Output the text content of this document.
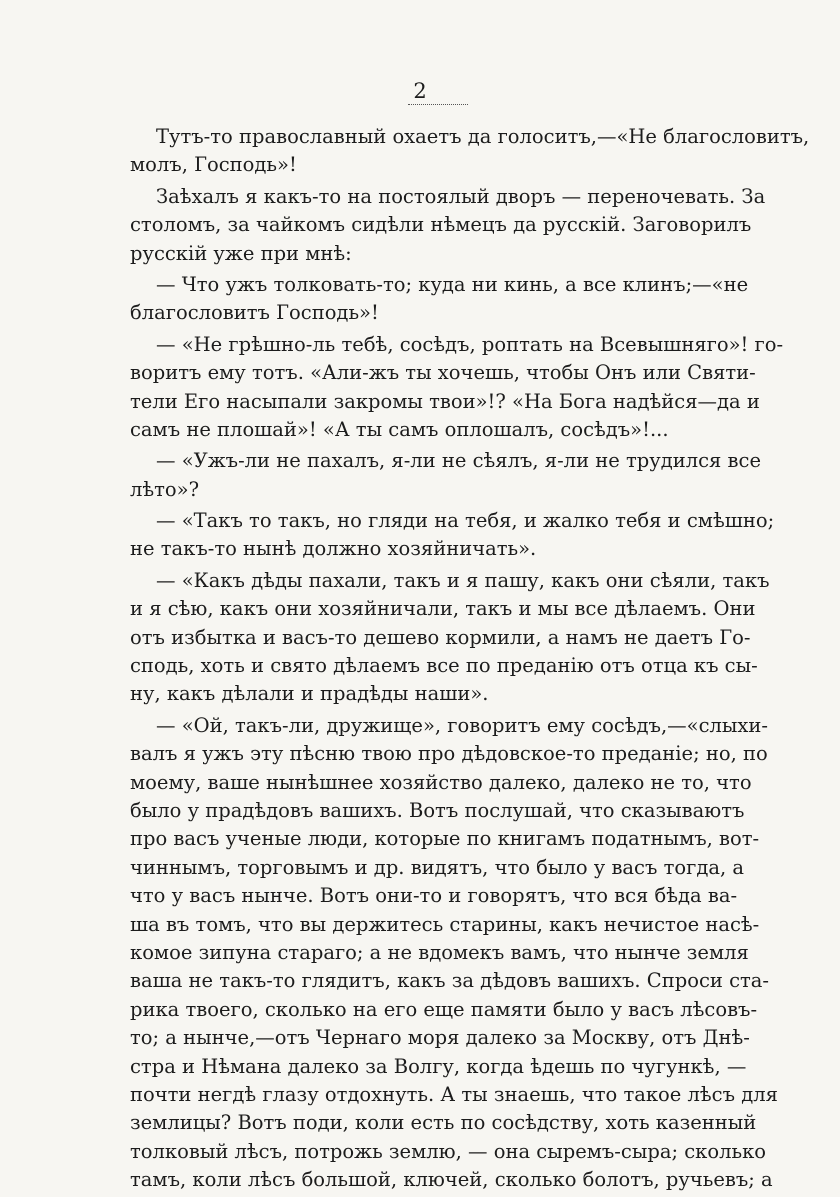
2
Тутъ-то православный охаетъ да голоситъ,—«Не благословитъ,
молъ, Господь»!
Заѣхалъ я какъ-то на постоялый дворъ — переночевать. За
столомъ, за чайкомъ сидѣли нѣмецъ да русскій. Заговорилъ
русскій уже при мнѣ:
— Что ужъ толковать-то; куда ни кинь, а все клинъ;—«не
благословитъ Господь»!
— «Не грѣшно-ль тебѣ, сосѣдъ, роптать на Всевышняго»! го-
воритъ ему тотъ. «Али-жъ ты хочешь, чтобы Онъ или Святи-
тели Его насыпали закромы твои»!? «На Бога надѣйся—да и
самъ не плошай»! «А ты самъ оплошалъ, сосѣдъ»!...
— «Ужъ-ли не пахалъ, я-ли не сѣялъ, я-ли не трудился все
лѣто»?
— «Такъ то такъ, но гляди на тебя, и жалко тебя и смѣшно;
не такъ-то нынѣ должно хозяйничать».
— «Какъ дѣды пахали, такъ и я пашу, какъ они сѣяли, такъ
и я сѣю, какъ они хозяйничали, такъ и мы все дѣлаемъ. Они
отъ избытка и васъ-то дешево кормили, а намъ не даетъ Го-
сподь, хоть и свято дѣлаемъ все по преданію отъ отца къ сы-
ну, какъ дѣлали и прадѣды наши».
— «Ой, такъ-ли, дружище», говоритъ ему сосѣдъ,—«слыхи-
валъ я ужъ эту пѣсню твою про дѣдовское-то преданіе; но, по
моему, ваше нынѣшнее хозяйство далеко, далеко не то, что
было у прадѣдовъ вашихъ. Вотъ послушай, что сказываютъ
про васъ ученые люди, которые по книгамъ податнымъ, вот-
чиннымъ, торговымъ и др. видятъ, что было у васъ тогда, а
что у васъ нынче. Вотъ они-то и говорятъ, что вся бѣда ва-
ша въ томъ, что вы держитесь старины, какъ нечистое насѣ-
комое зипуна стараго; а не вдомекъ вамъ, что нынче земля
ваша не такъ-то глядитъ, какъ за дѣдовъ вашихъ. Спроси ста-
рика твоего, сколько на его еще памяти было у васъ лѣсовъ-
то; а нынче,—отъ Чернаго моря далеко за Москву, отъ Днѣ-
стра и Нѣмана далеко за Волгу, когда ѣдешь по чугункѣ, —
почти негдѣ глазу отдохнуть. А ты знаешь, что такое лѣсъ для
землицы? Вотъ поди, коли есть по сосѣдству, хоть казенный
толковый лѣсъ, потрожь землю, — она сыремъ-сыра; сколько
тамъ, коли лѣсъ большой, ключей, сколько болотъ, ручьевъ; а
